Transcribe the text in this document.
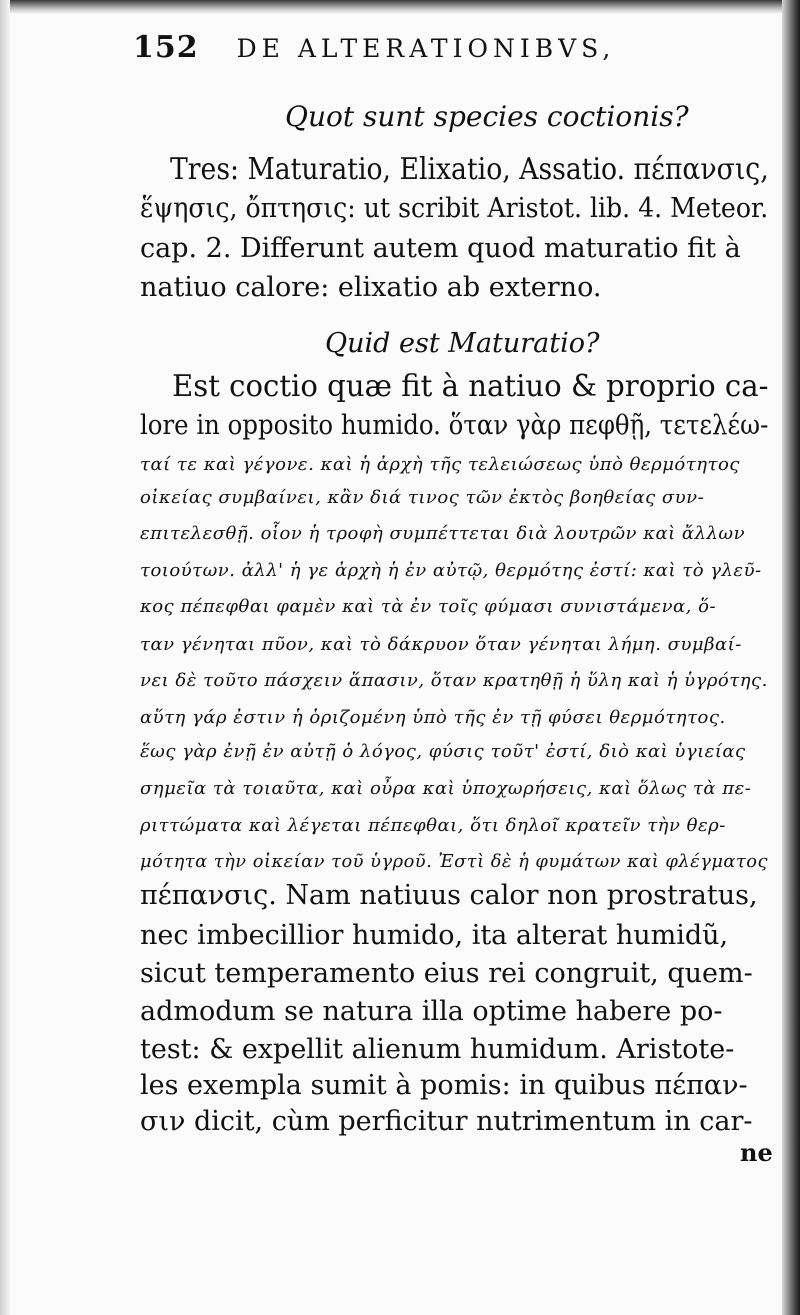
152 DE ALTERATIONIBVS,
Quot sunt species coctionis?
Tres: Maturatio, Elixatio, Assatio. πέπανσις,
ἕψησις, ὄπτησις: ut scribit Aristot. lib. 4. Meteor.
cap. 2. Differunt autem quod maturatio fit à
natiuo calore: elixatio ab externo.
Quid est Maturatio?
Est coctio quæ fit à natiuo & proprio ca-
lore in opposito humido. ὅταν γὰρ πεφθῇ, τετελέω-
ταί τε καὶ γέγονε. καὶ ἡ ἀρχὴ τῆς τελειώσεως ὑπὸ θερμότητος
οἰκείας συμβαίνει, κἂν διά τινος τῶν ἐκτὸς βοηθείας συν-
επιτελεσθῇ. οἷον ἡ τροφὴ συμπέττεται διὰ λουτρῶν καὶ ἄλλων
τοιούτων. ἀλλ' ἡ γε ἀρχὴ ἡ ἐν αὐτῷ, θερμότης ἐστί: καὶ τὸ γλεῦ-
κος πέπεφθαι φαμὲν καὶ τὰ ἐν τοῖς φύμασι συνιστάμενα, ὅ-
ταν γένηται πῦον, καὶ τὸ δάκρυον ὅταν γένηται λήμη. συμβαί-
νει δὲ τοῦτο πάσχειν ἅπασιν, ὅταν κρατηθῇ ἡ ὕλη καὶ ἡ ὑγρότης.
αὕτη γάρ ἐστιν ἡ ὁριζομένη ὑπὸ τῆς ἐν τῇ φύσει θερμότητος.
ἕως γὰρ ἐνῇ ἐν αὐτῇ ὁ λόγος, φύσις τοῦτ' ἐστί, διὸ καὶ ὑγιείας
σημεῖα τὰ τοιαῦτα, καὶ οὖρα καὶ ὑποχωρήσεις, καὶ ὅλως τὰ πε-
ριττώματα καὶ λέγεται πέπεφθαι, ὅτι δηλοῖ κρατεῖν τὴν θερ-
μότητα τὴν οἰκείαν τοῦ ὑγροῦ. Ἐστὶ δὲ ἡ φυμάτων καὶ φλέγματος
πέπανσις. Nam natiuus calor non prostratus,
nec imbecillior humido, ita alterat humidũ,
sicut temperamento eius rei congruit, quem-
admodum se natura illa optime habere po-
test: & expellit alienum humidum. Aristote-
les exempla sumit à pomis: in quibus πέπαν-
σιν dicit, cùm perficitur nutrimentum in car-
ne
